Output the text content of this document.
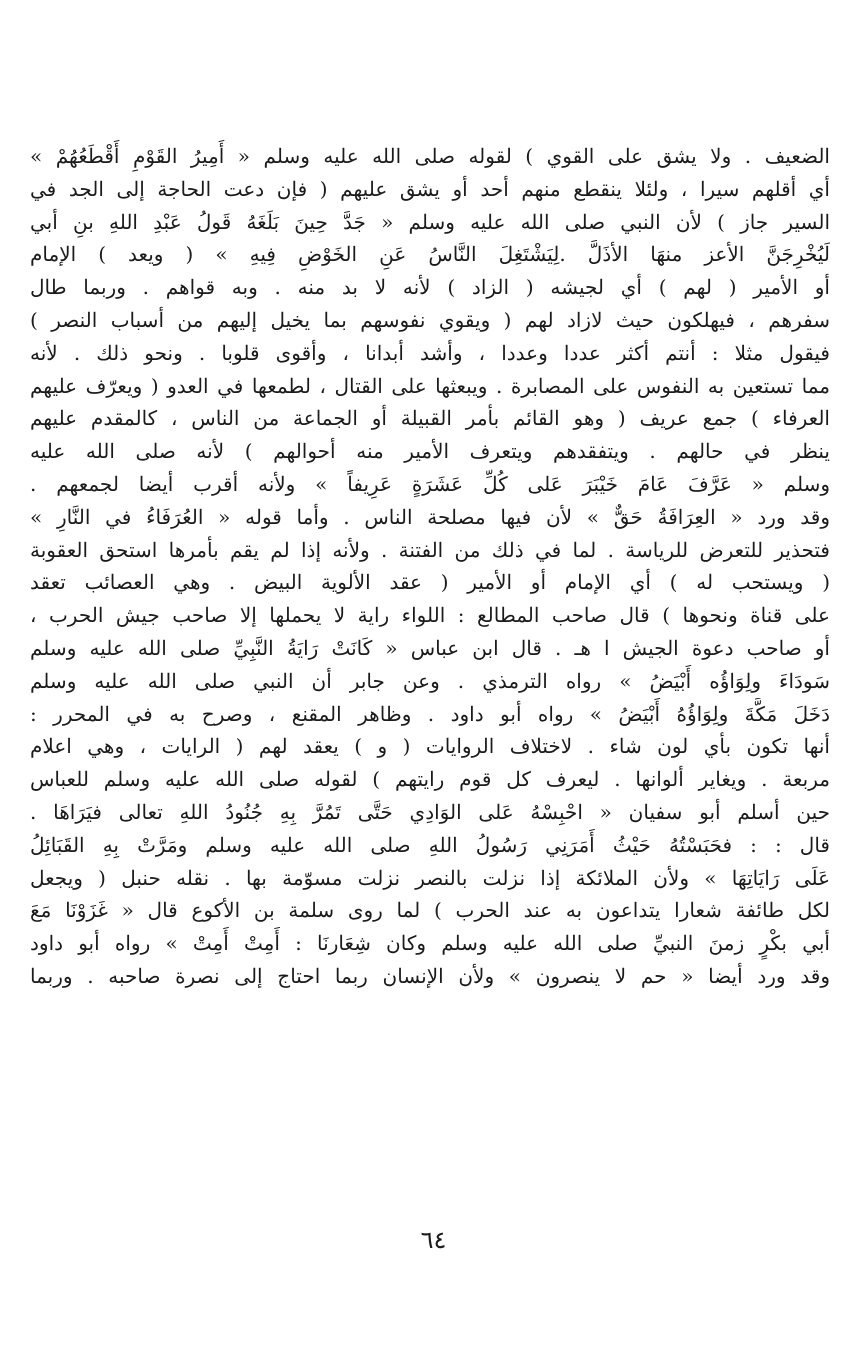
الضعيف . ولا يشق على القوي ) لقوله صلى الله عليه وسلم « أَمِيرُ القَوْمِ أَقْطَعُهُمْ »
أي أقلهم سيرا ، ولئلا ينقطع منهم أحد أو يشق عليهم ( فإن دعت الحاجة إلى الجد في
السير جاز ) لأن النبي صلى الله عليه وسلم « جَدَّ حِينَ بَلَغَهُ قَولُ عَبْدِ اللهِ بنِ أبي
لَيُخْرِجَنَّ الأعز منهَا الأذَلَّ .لِيَشْتَغِلَ النَّاسُ عَنِ الخَوْضِ فِيهِ » ( ويعد ) الإمام
أو الأمير ( لهم ) أي لجيشه ( الزاد ) لأنه لا بد منه . وبه قواهم . وربما طال
سفرهم ، فيهلكون حيث لازاد لهم ( ويقوي نفوسهم بما يخيل إليهم من أسباب النصر )
فيقول مثلا : أنتم أكثر عددا وعددا ، وأشد أبدانا ، وأقوى قلوبا . ونحو ذلك . لأنه
مما تستعين به النفوس على المصابرة . ويبعثها على القتال ، لطمعها في العدو ( ويعرّف عليهم
العرفاء ) جمع عريف ( وهو القائم بأمر القبيلة أو الجماعة من الناس ، كالمقدم عليهم
ينظر في حالهم . ويتفقدهم ويتعرف الأمير منه أحوالهم ) لأنه صلى الله عليه
وسلم « عَرَّفَ عَامَ خَيْبَرَ عَلى كُلِّ عَشَرَةٍ عَرِيفاً » ولأنه أقرب أيضا لجمعهم .
وقد ورد « العِرَافَةُ حَقٌّ » لأن فيها مصلحة الناس . وأما قوله « العُرَفَاءُ في النَّارِ »
فتحذير للتعرض للرياسة . لما في ذلك من الفتنة . ولأنه إذا لم يقم بأمرها استحق العقوبة
( ويستحب له ) أي الإمام أو الأمير ( عقد الألوية البيض . وهي العصائب تعقد
على قناة ونحوها ) قال صاحب المطالع : اللواء راية لا يحملها إلا صاحب جيش الحرب ،
أو صاحب دعوة الجيش ا هـ . قال ابن عباس « كَانَتْ رَايَةُ النَّبِيِّ صلى الله عليه وسلم
سَودَاءَ ولِوَاؤُه أَبْيَضُ » رواه الترمذي . وعن جابر أن النبي صلى الله عليه وسلم
دَخَلَ مَكَّةَ ولِوَاؤُهُ أَبْيَضُ » رواه أبو داود . وظاهر المقنع ، وصرح به في المحرر :
أنها تكون بأي لون شاء . لاختلاف الروايات ( و ) يعقد لهم ( الرايات ، وهي اعلام
مربعة . ويغاير ألوانها . ليعرف كل قوم رايتهم ) لقوله صلى الله عليه وسلم للعباس
حين أسلم أبو سفيان « احْبِسْهُ عَلى الوَادِي حَتَّى تَمُرَّ بِهِ جُنُودُ اللهِ تعالى فيَرَاهَا .
قال : : فحَبَسْتُهُ حَيْثُ أَمَرَنِي رَسُولُ اللهِ صلى الله عليه وسلم ومَرَّتْ بِهِ القَبَائِلُ
عَلَى رَايَاتِهَا » ولأن الملائكة إذا نزلت بالنصر نزلت مسوّمة بها . نقله حنبل ( ويجعل
لكل طائفة شعارا يتداعون به عند الحرب ) لما روى سلمة بن الأكوع قال « غَزَوْنَا مَعَ
أبي بكْرٍ زمنَ النبيِّ صلى الله عليه وسلم وكان شِعَارنَا : أَمِتْ أَمِتْ » رواه أبو داود
وقد ورد أيضا « حم لا ينصرون » ولأن الإنسان ربما احتاج إلى نصرة صاحبه . وربما
٦٤
